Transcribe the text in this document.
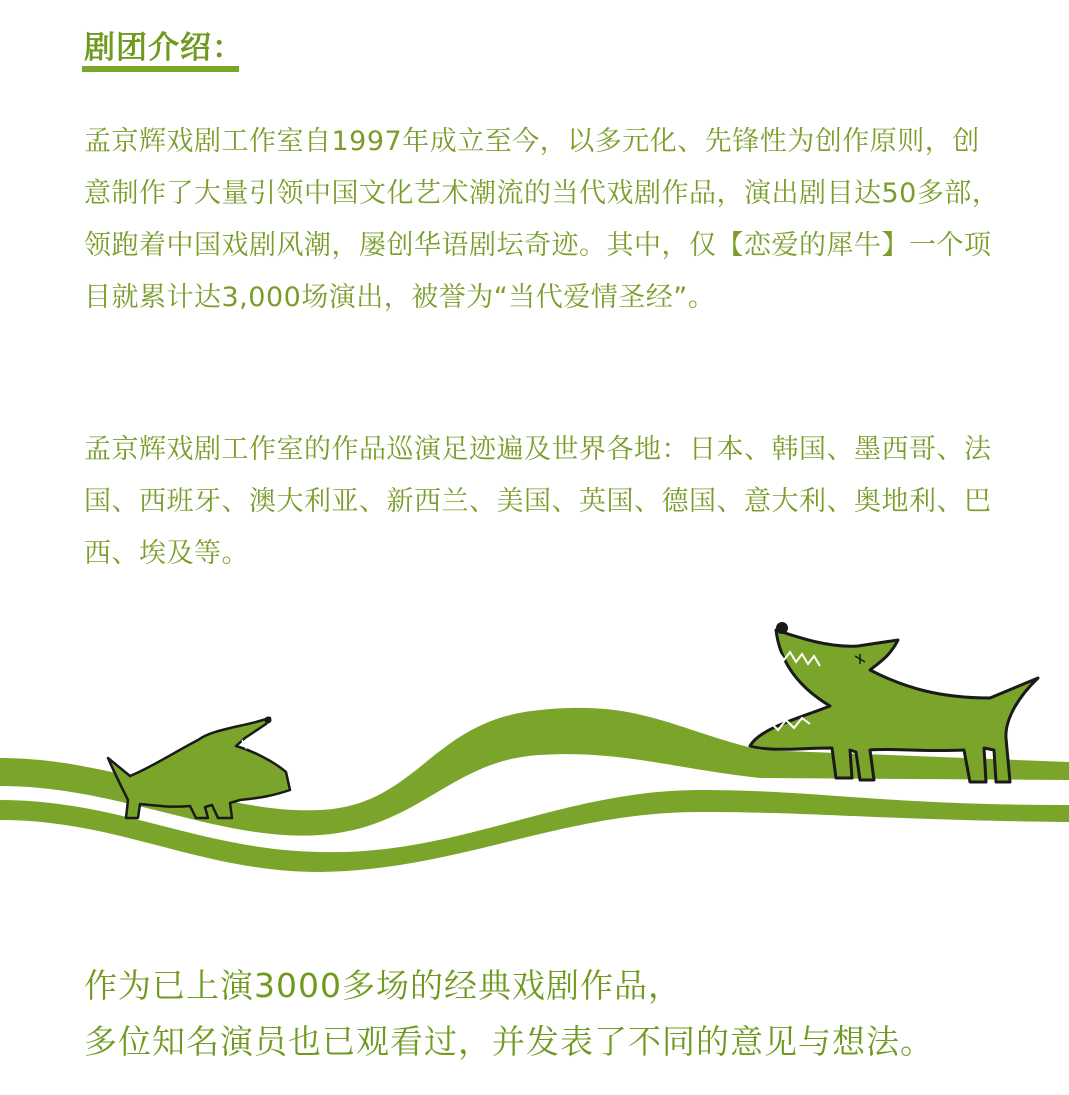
剧团介绍：

孟京辉戏剧工作室自1997年成立至今，以多元化、先锋性为创作原则，创意制作了大量引领中国文化艺术潮流的当代戏剧作品，演出剧目达50多部，领跑着中国戏剧风潮，屡创华语剧坛奇迹。其中，仅【恋爱的犀牛】一个项目就累计达3,000场演出，被誉为“当代爱情圣经”。

孟京辉戏剧工作室的作品巡演足迹遍及世界各地：日本、韩国、墨西哥、法国、西班牙、澳大利亚、新西兰、美国、英国、德国、意大利、奥地利、巴西、埃及等。

作为已上演3000多场的经典戏剧作品，
多位知名演员也已观看过，并发表了不同的意见与想法。
